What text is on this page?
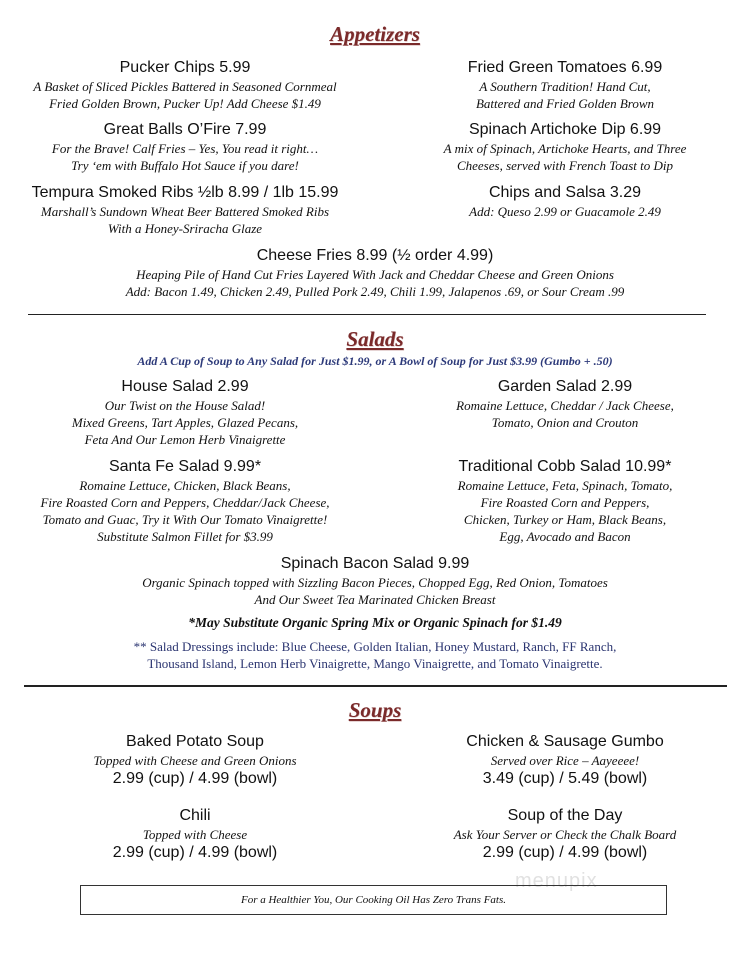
Appetizers
Pucker Chips 5.99
A Basket of Sliced Pickles Battered in Seasoned Cornmeal
Fried Golden Brown, Pucker Up! Add Cheese $1.49
Fried Green Tomatoes 6.99
A Southern Tradition! Hand Cut,
Battered and Fried Golden Brown
Great Balls O’Fire 7.99
For the Brave! Calf Fries – Yes, You read it right…
Try ‘em with Buffalo Hot Sauce if you dare!
Spinach Artichoke Dip 6.99
A mix of Spinach, Artichoke Hearts, and Three
Cheeses, served with French Toast to Dip
Tempura Smoked Ribs ½lb 8.99 / 1lb 15.99
Marshall’s Sundown Wheat Beer Battered Smoked Ribs
With a Honey-Sriracha Glaze
Chips and Salsa 3.29
Add: Queso 2.99 or Guacamole 2.49
Cheese Fries 8.99 (½ order 4.99)
Heaping Pile of Hand Cut Fries Layered With Jack and Cheddar Cheese and Green Onions
Add: Bacon 1.49, Chicken 2.49, Pulled Pork 2.49, Chili 1.99, Jalapenos .69, or Sour Cream .99
Salads
Add A Cup of Soup to Any Salad for Just $1.99, or A Bowl of Soup for Just $3.99 (Gumbo + .50)
House Salad 2.99
Our Twist on the House Salad!
Mixed Greens, Tart Apples, Glazed Pecans,
Feta And Our Lemon Herb Vinaigrette
Garden Salad 2.99
Romaine Lettuce, Cheddar / Jack Cheese,
Tomato, Onion and Crouton
Santa Fe Salad 9.99*
Romaine Lettuce, Chicken, Black Beans,
Fire Roasted Corn and Peppers, Cheddar/Jack Cheese,
Tomato and Guac, Try it With Our Tomato Vinaigrette!
Substitute Salmon Fillet for $3.99
Traditional Cobb Salad 10.99*
Romaine Lettuce, Feta, Spinach, Tomato,
Fire Roasted Corn and Peppers,
Chicken, Turkey or Ham, Black Beans,
Egg, Avocado and Bacon
Spinach Bacon Salad 9.99
Organic Spinach topped with Sizzling Bacon Pieces, Chopped Egg, Red Onion, Tomatoes
And Our Sweet Tea Marinated Chicken Breast
*May Substitute Organic Spring Mix or Organic Spinach for $1.49
** Salad Dressings include: Blue Cheese, Golden Italian, Honey Mustard, Ranch, FF Ranch,
Thousand Island, Lemon Herb Vinaigrette, Mango Vinaigrette, and Tomato Vinaigrette.
Soups
Baked Potato Soup
Topped with Cheese and Green Onions
2.99 (cup) / 4.99 (bowl)
Chicken & Sausage Gumbo
Served over Rice – Aayeeee!
3.49 (cup) / 5.49 (bowl)
Chili
Topped with Cheese
2.99 (cup) / 4.99 (bowl)
Soup of the Day
Ask Your Server or Check the Chalk Board
2.99 (cup) / 4.99 (bowl)
menupix
For a Healthier You, Our Cooking Oil Has Zero Trans Fats.
